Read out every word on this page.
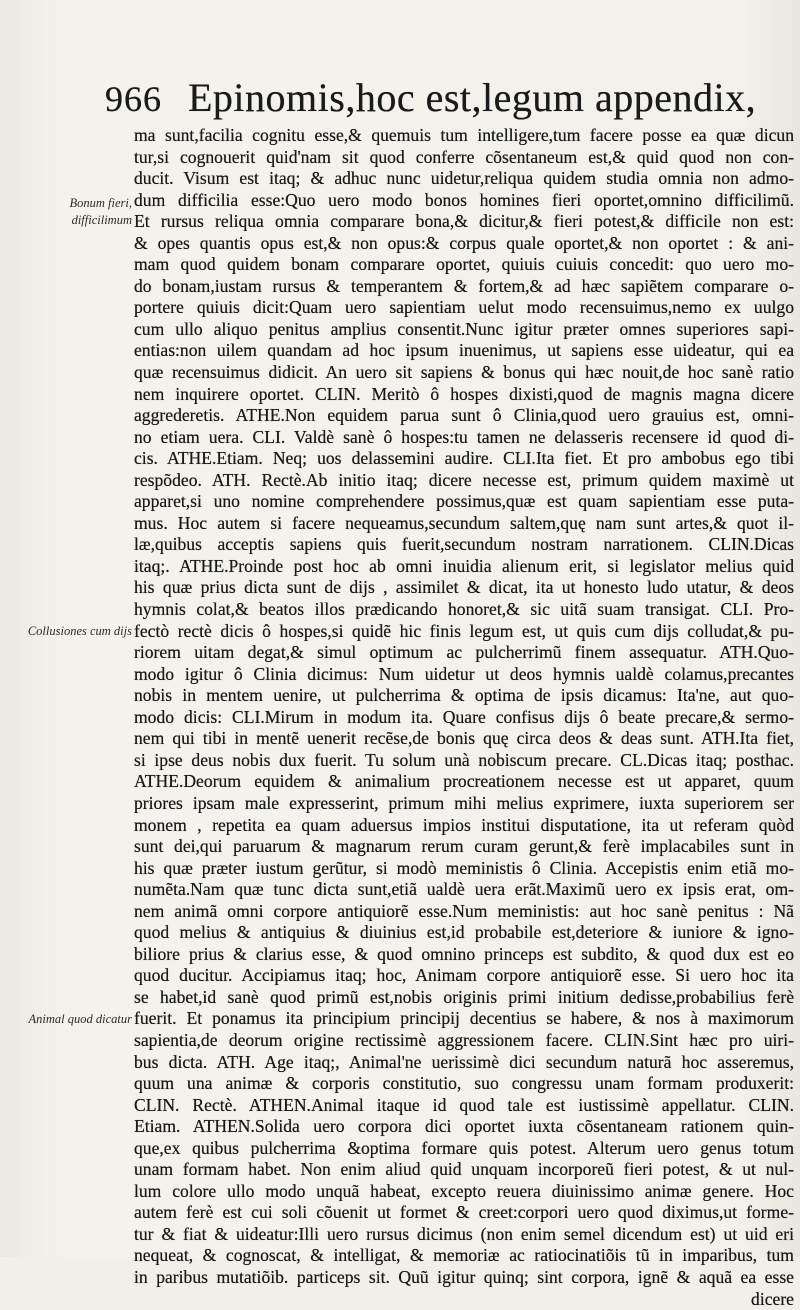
966 Epinomis,hoc est,legum appendix,
Bonum fieri, difficilimum
Collusiones cum dijs
Animal quod dicatur
ma sunt,facilia cognitu esse,& quemuis tum intelligere,tum facere posse ea quæ dicun
tur,si cognouerit quid'nam sit quod conferre cõsentaneum est,& quid quod non con-
ducit. Visum est itaq; & adhuc nunc uidetur,reliqua quidem studia omnia non admo-
dum difficilia esse:Quo uero modo bonos homines fieri oportet,omnino difficilimũ.
Et rursus reliqua omnia comparare bona,& dicitur,& fieri potest,& difficile non est:
& opes quantis opus est,& non opus:& corpus quale oportet,& non oportet : & ani-
mam quod quidem bonam comparare oportet, quiuis cuiuis concedit: quo uero mo-
do bonam,iustam rursus & temperantem & fortem,& ad hæc sapiẽtem comparare o-
portere quiuis dicit:Quam uero sapientiam uelut modo recensuimus,nemo ex uulgo
cum ullo aliquo penitus amplius consentit.Nunc igitur præter omnes superiores sapi-
entias:non uilem quandam ad hoc ipsum inuenimus, ut sapiens esse uideatur, qui ea
quæ recensuimus didicit. An uero sit sapiens & bonus qui hæc nouit,de hoc sanè ratio
nem inquirere oportet. CLIN. Meritò ô hospes dixisti,quod de magnis magna dicere
aggrederetis. ATHE.Non equidem parua sunt ô Clinia,quod uero grauius est, omni-
no etiam uera. CLI. Valdè sanè ô hospes:tu tamen ne delasseris recensere id quod di-
cis. ATHE.Etiam. Neq; uos delassemini audire. CLI.Ita fiet. Et pro ambobus ego tibi
respõdeo. ATH. Rectè.Ab initio itaq; dicere necesse est, primum quidem maximè ut
apparet,si uno nomine comprehendere possimus,quæ est quam sapientiam esse puta-
mus. Hoc autem si facere nequeamus,secundum saltem,quę nam sunt artes,& quot il-
læ,quibus acceptis sapiens quis fuerit,secundum nostram narrationem. CLIN.Dicas
itaq;. ATHE.Proinde post hoc ab omni inuidia alienum erit, si legislator melius quid
his quæ prius dicta sunt de dijs , assimilet & dicat, ita ut honesto ludo utatur, & deos
hymnis colat,& beatos illos prædicando honoret,& sic uitã suam transigat. CLI. Pro-
fectò rectè dicis ô hospes,si quidẽ hic finis legum est, ut quis cum dijs colludat,& pu-
riorem uitam degat,& simul optimum ac pulcherrimũ finem assequatur. ATH.Quo-
modo igitur ô Clinia dicimus: Num uidetur ut deos hymnis ualdè colamus,precantes
nobis in mentem uenire, ut pulcherrima & optima de ipsis dicamus: Ita'ne, aut quo-
modo dicis: CLI.Mirum in modum ita. Quare confisus dijs ô beate precare,& sermo-
nem qui tibi in mentẽ uenerit recẽse,de bonis quę circa deos & deas sunt. ATH.Ita fiet,
si ipse deus nobis dux fuerit. Tu solum unà nobiscum precare. CL.Dicas itaq; posthac.
ATHE.Deorum equidem & animalium procreationem necesse est ut apparet, quum
priores ipsam male expresserint, primum mihi melius exprimere, iuxta superiorem ser
monem , repetita ea quam aduersus impios institui disputatione, ita ut referam quòd
sunt dei,qui paruarum & magnarum rerum curam gerunt,& ferè implacabiles sunt in
his quæ præter iustum gerũtur, si modò meministis ô Clinia. Accepistis enim etiã mo-
numẽta.Nam quæ tunc dicta sunt,etiã ualdè uera erãt.Maximũ uero ex ipsis erat, om-
nem animã omni corpore antiquiorẽ esse.Num meministis: aut hoc sanè penitus : Nã
quod melius & antiquius & diuinius est,id probabile est,deteriore & iuniore & igno-
biliore prius & clarius esse, & quod omnino princeps est subdito, & quod dux est eo
quod ducitur. Accipiamus itaq; hoc, Animam corpore antiquiorẽ esse. Si uero hoc ita
se habet,id sanè quod primũ est,nobis originis primi initium dedisse,probabilius ferè
fuerit. Et ponamus ita principium principij decentius se habere, & nos à maximorum
sapientia,de deorum origine rectissimè aggressionem facere. CLIN.Sint hæc pro uiri-
bus dicta. ATH. Age itaq;, Animal'ne uerissimè dici secundum naturã hoc asseremus,
quum una animæ & corporis constitutio, suo congressu unam formam produxerit:
CLIN. Rectè. ATHEN.Animal itaque id quod tale est iustissimè appellatur. CLIN.
Etiam. ATHEN.Solida uero corpora dici oportet iuxta cõsentaneam rationem quin-
que,ex quibus pulcherrima &optima formare quis potest. Alterum uero genus totum
unam formam habet. Non enim aliud quid unquam incorporeũ fieri potest, & ut nul-
lum colore ullo modo unquã habeat, excepto reuera diuinissimo animæ genere. Hoc
autem ferè est cui soli cõuenit ut formet & creet:corpori uero quod diximus,ut forme-
tur & fiat & uideatur:Illi uero rursus dicimus (non enim semel dicendum est) ut uid eri
nequeat, & cognoscat, & intelligat, & memoriæ ac ratiocinatiõis tũ in imparibus, tum
in paribus mutatiõib. particeps sit. Quũ igitur quinq; sint corpora, ignẽ & aquã ea esse
dicere
